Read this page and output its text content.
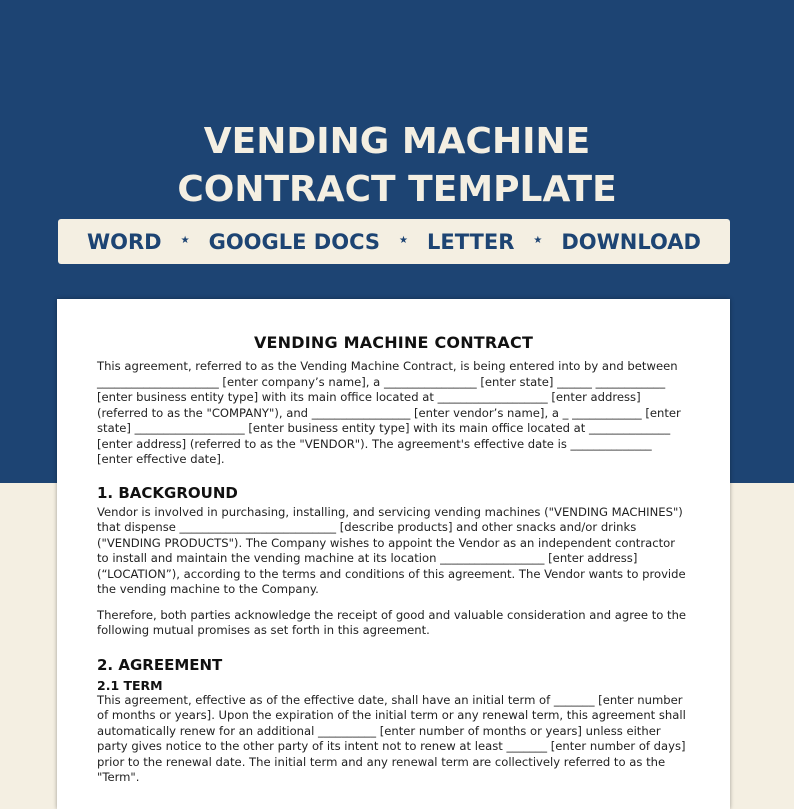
VENDING MACHINE
CONTRACT TEMPLATE
WORD ★ GOOGLE DOCS ★ LETTER ★ DOWNLOAD
VENDING MACHINE CONTRACT

This agreement, referred to as the Vending Machine Contract, is being entered into by and between _____________________ [enter company’s name], a ________________ [enter state] ______ ____________ [enter business entity type] with its main office located at ___________________ [enter address] (referred to as the "COMPANY"), and _________________ [enter vendor’s name], a _ ____________ [enter state] ___________________ [enter business entity type] with its main office located at ______________ [enter address] (referred to as the "VENDOR"). The agreement's effective date is ______________ [enter effective date].

1. BACKGROUND

Vendor is involved in purchasing, installing, and servicing vending machines ("VENDING MACHINES") that dispense ___________________________ [describe products] and other snacks and/or drinks ("VENDING PRODUCTS"). The Company wishes to appoint the Vendor as an independent contractor to install and maintain the vending machine at its location __________________ [enter address] (“LOCATION”), according to the terms and conditions of this agreement. The Vendor wants to provide the vending machine to the Company.

Therefore, both parties acknowledge the receipt of good and valuable consideration and agree to the following mutual promises as set forth in this agreement.

2. AGREEMENT
2.1 TERM

This agreement, effective as of the effective date, shall have an initial term of _______ [enter number of months or years]. Upon the expiration of the initial term or any renewal term, this agreement shall automatically renew for an additional __________ [enter number of months or years] unless either party gives notice to the other party of its intent not to renew at least _______ [enter number of days] prior to the renewal date. The initial term and any renewal term are collectively referred to as the "Term".
